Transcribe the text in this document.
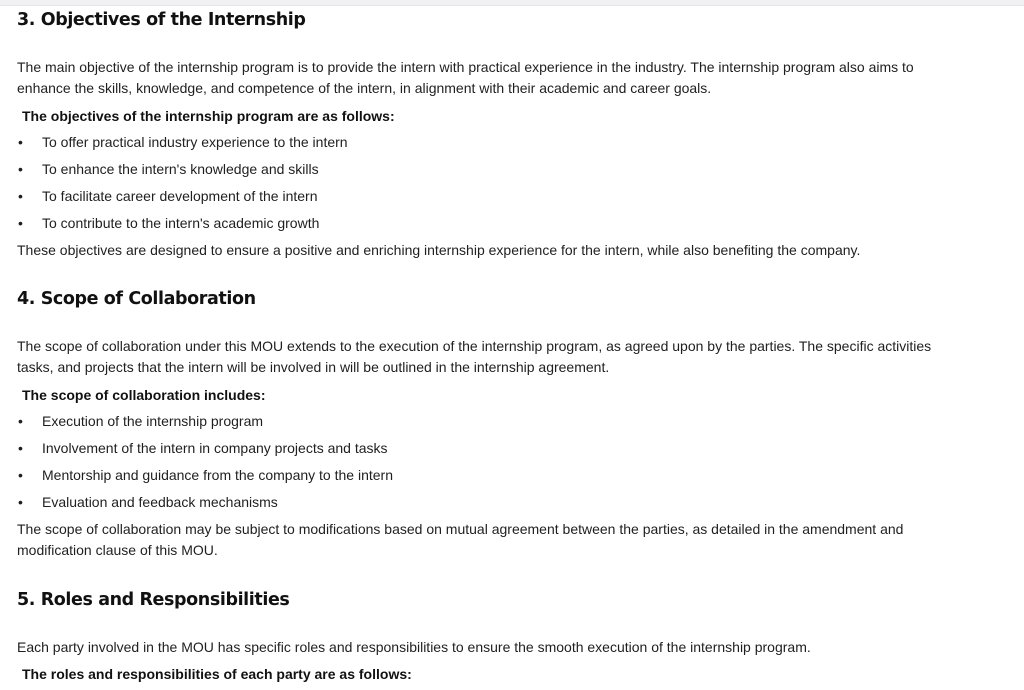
3. Objectives of the Internship

The main objective of the internship program is to provide the intern with practical experience in the industry. The internship program also aims to
enhance the skills, knowledge, and competence of the intern, in alignment with their academic and career goals.

The objectives of the internship program are as follows:
• To offer practical industry experience to the intern
• To enhance the intern's knowledge and skills
• To facilitate career development of the intern
• To contribute to the intern's academic growth

These objectives are designed to ensure a positive and enriching internship experience for the intern, while also benefiting the company.

4. Scope of Collaboration

The scope of collaboration under this MOU extends to the execution of the internship program, as agreed upon by the parties. The specific activities
tasks, and projects that the intern will be involved in will be outlined in the internship agreement.

The scope of collaboration includes:
• Execution of the internship program
• Involvement of the intern in company projects and tasks
• Mentorship and guidance from the company to the intern
• Evaluation and feedback mechanisms

The scope of collaboration may be subject to modifications based on mutual agreement between the parties, as detailed in the amendment and
modification clause of this MOU.

5. Roles and Responsibilities

Each party involved in the MOU has specific roles and responsibilities to ensure the smooth execution of the internship program.

The roles and responsibilities of each party are as follows:
